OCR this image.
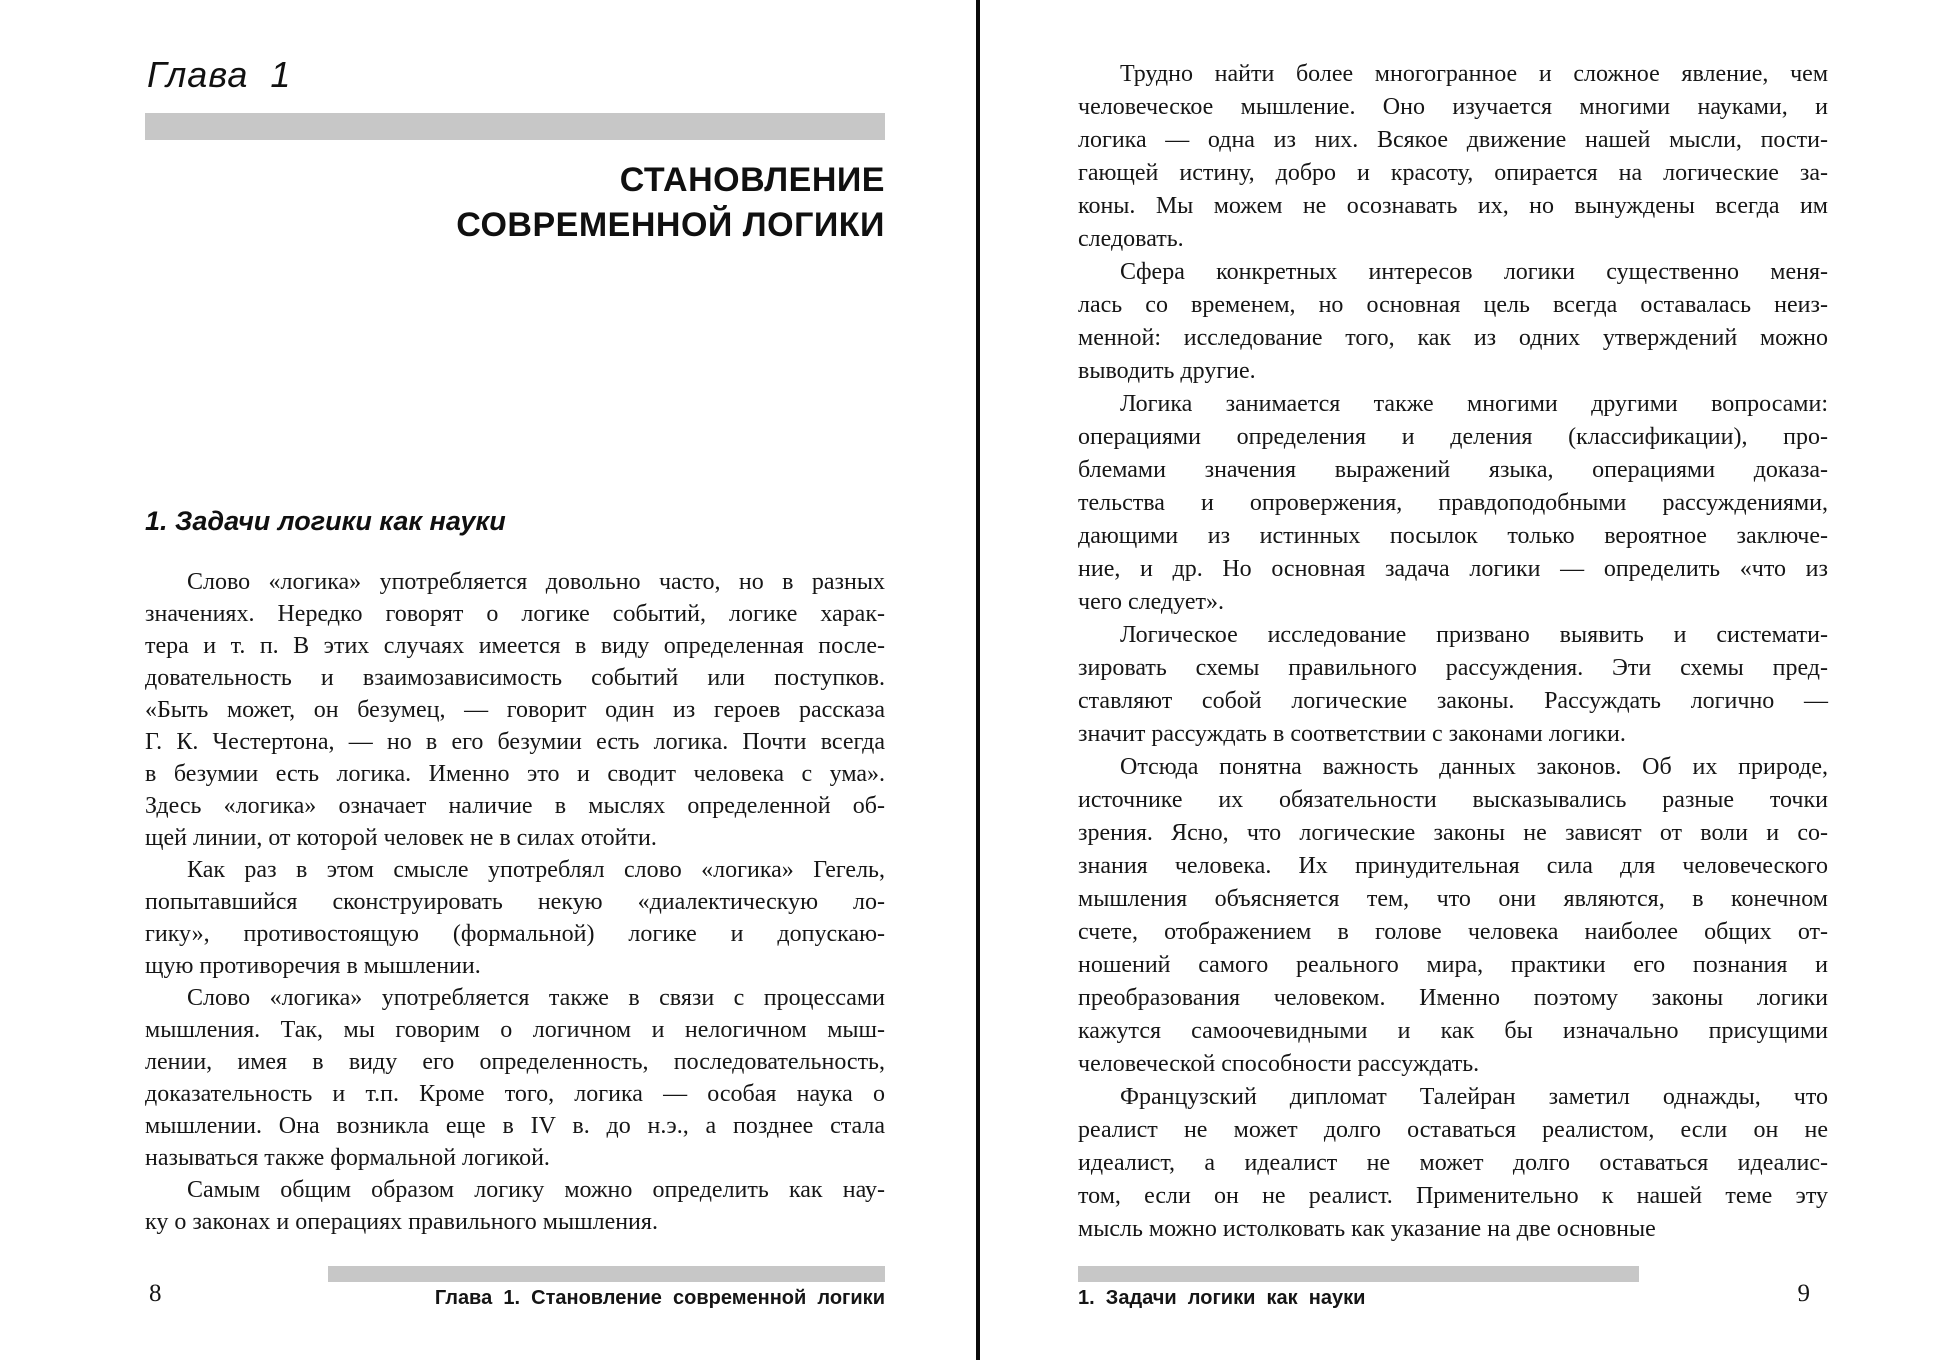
Глава  1
СТАНОВЛЕНИЕ
СОВРЕМЕННОЙ ЛОГИКИ
1. Задачи логики как науки
Слово «логика» употребляется довольно часто, но в разных
значениях. Нередко говорят о логике событий, логике харак-
тера и т. п. В этих случаях имеется в виду определенная после-
довательность и взаимозависимость событий или поступков.
«Быть может, он безумец, — говорит один из героев рассказа
Г. К. Честертона, — но в его безумии есть логика. Почти всегда
в безумии есть логика. Именно это и сводит человека с ума».
Здесь «логика» означает наличие в мыслях определенной об-
щей линии, от которой человек не в силах отойти.
Как раз в этом смысле употреблял слово «логика» Гегель,
попытавшийся сконструировать некую «диалектическую ло-
гику», противостоящую (формальной) логике и допускаю-
щую противоречия в мышлении.
Слово «логика» употребляется также в связи с процессами
мышления. Так, мы говорим о логичном и нелогичном мыш-
лении, имея в виду его определенность, последовательность,
доказательность и т.п. Кроме того, логика — особая наука о
мышлении. Она возникла еще в IV в. до н.э., а позднее стала
называться также формальной логикой.
Самым общим образом логику можно определить как нау-
ку о законах и операциях правильного мышления.
Глава  1.  Становление  современной  логики
8
Трудно найти более многогранное и сложное явление, чем
человеческое мышление. Оно изучается многими науками, и
логика — одна из них. Всякое движение нашей мысли, пости-
гающей истину, добро и красоту, опирается на логические за-
коны. Мы можем не осознавать их, но вынуждены всегда им
следовать.
Сфера конкретных интересов логики существенно меня-
лась со временем, но основная цель всегда оставалась неиз-
менной: исследование того, как из одних утверждений можно
выводить другие.
Логика занимается также многими другими вопросами:
операциями определения и деления (классификации), про-
блемами значения выражений языка, операциями доказа-
тельства и опровержения, правдоподобными рассуждениями,
дающими из истинных посылок только вероятное заключе-
ние, и др. Но основная задача логики — определить «что из
чего следует».
Логическое исследование призвано выявить и системати-
зировать схемы правильного рассуждения. Эти схемы пред-
ставляют собой логические законы. Рассуждать логично —
значит рассуждать в соответствии с законами логики.
Отсюда понятна важность данных законов. Об их природе,
источнике их обязательности высказывались разные точки
зрения. Ясно, что логические законы не зависят от воли и со-
знания человека. Их принудительная сила для человеческого
мышления объясняется тем, что они являются, в конечном
счете, отображением в голове человека наиболее общих от-
ношений самого реального мира, практики его познания и
преобразования человеком. Именно поэтому законы логики
кажутся самоочевидными и как бы изначально присущими
человеческой способности рассуждать.
Французский дипломат Талейран заметил однажды, что
реалист не может долго оставаться реалистом, если он не
идеалист, а идеалист не может долго оставаться идеалис-
том, если он не реалист. Применительно к нашей теме эту
мысль можно истолковать как указание на две основные
1.  Задачи  логики  как  науки	9
